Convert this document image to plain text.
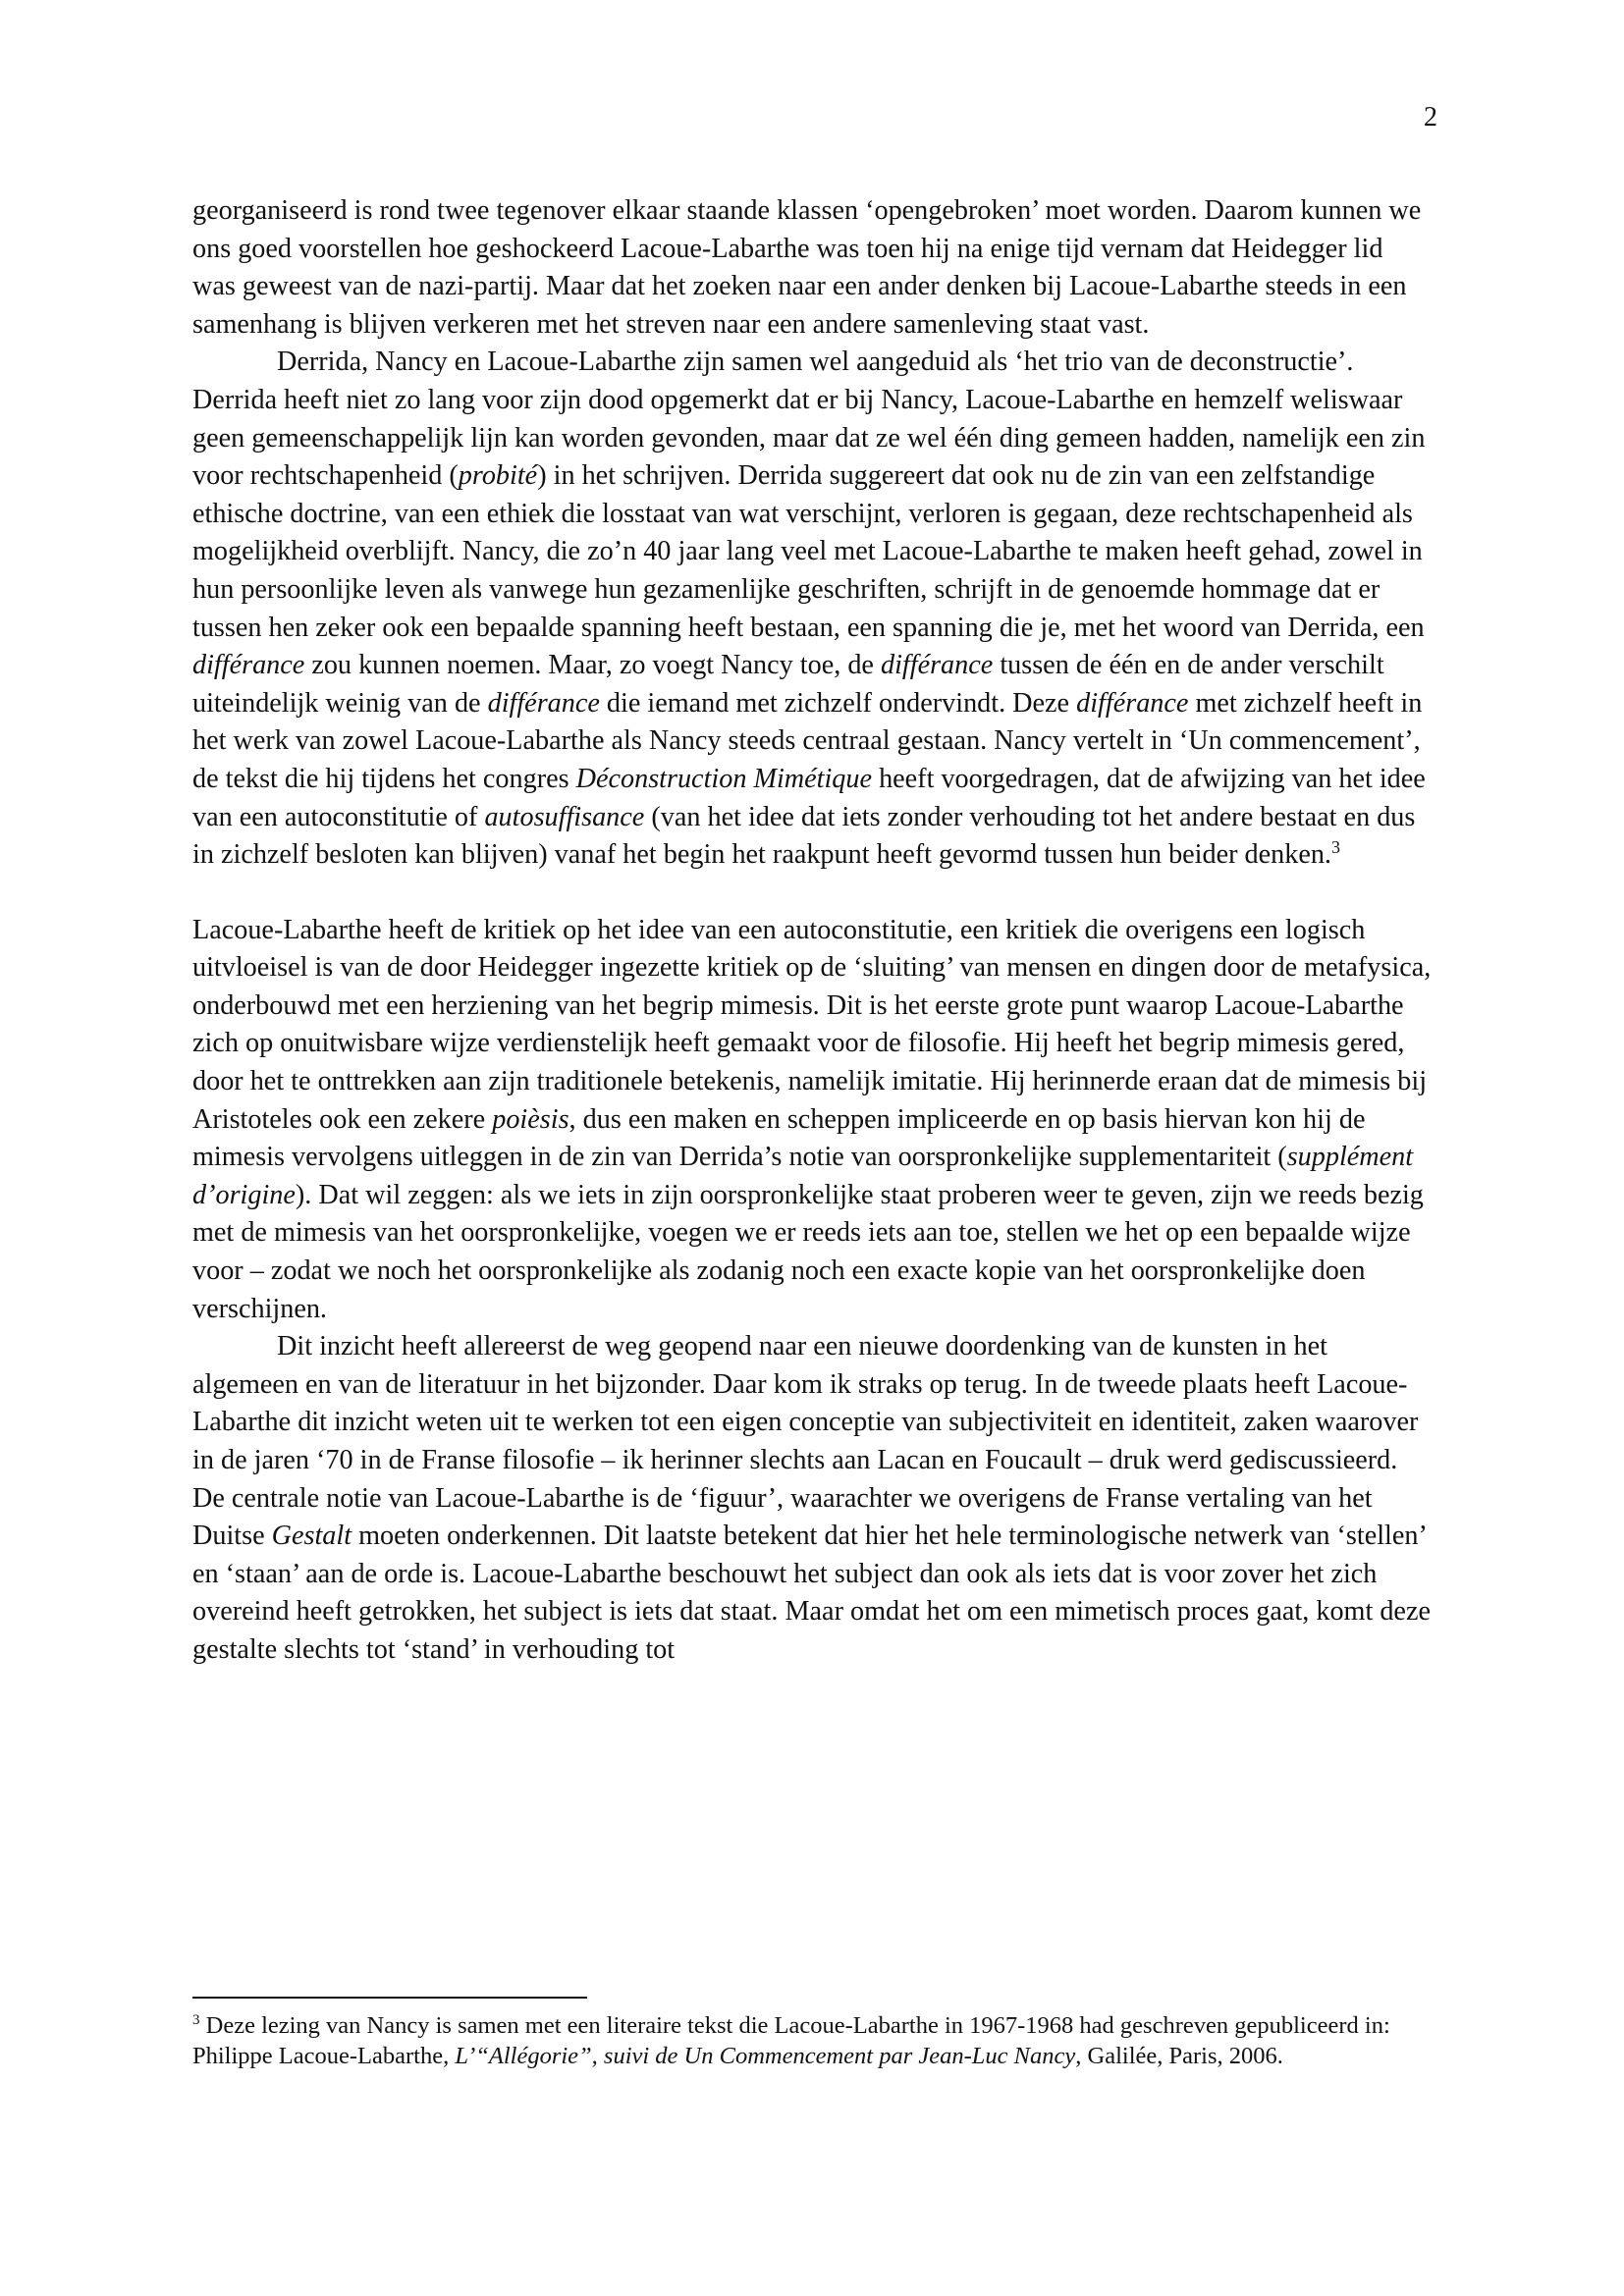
2

georganiseerd is rond twee tegenover elkaar staande klassen ‘opengebroken’ moet worden. Daarom kunnen we ons goed voorstellen hoe geshockeerd Lacoue-Labarthe was toen hij na enige tijd vernam dat Heidegger lid was geweest van de nazi-partij. Maar dat het zoeken naar een ander denken bij Lacoue-Labarthe steeds in een samenhang is blijven verkeren met het streven naar een andere samenleving staat vast.

Derrida, Nancy en Lacoue-Labarthe zijn samen wel aangeduid als ‘het trio van de deconstructie’. Derrida heeft niet zo lang voor zijn dood opgemerkt dat er bij Nancy, Lacoue-Labarthe en hemzelf weliswaar geen gemeenschappelijk lijn kan worden gevonden, maar dat ze wel één ding gemeen hadden, namelijk een zin voor rechtschapenheid (probité) in het schrijven. Derrida suggereert dat ook nu de zin van een zelfstandige ethische doctrine, van een ethiek die losstaat van wat verschijnt, verloren is gegaan, deze rechtschapenheid als mogelijkheid overblijft. Nancy, die zo’n 40 jaar lang veel met Lacoue-Labarthe te maken heeft gehad, zowel in hun persoonlijke leven als vanwege hun gezamenlijke geschriften, schrijft in de genoemde hommage dat er tussen hen zeker ook een bepaalde spanning heeft bestaan, een spanning die je, met het woord van Derrida, een différance zou kunnen noemen. Maar, zo voegt Nancy toe, de différance tussen de één en de ander verschilt uiteindelijk weinig van de différance die iemand met zichzelf ondervindt. Deze différance met zichzelf heeft in het werk van zowel Lacoue-Labarthe als Nancy steeds centraal gestaan. Nancy vertelt in ‘Un commencement’, de tekst die hij tijdens het congres Déconstruction Mimétique heeft voorgedragen, dat de afwijzing van het idee van een autoconstitutie of autosuffisance (van het idee dat iets zonder verhouding tot het andere bestaat en dus in zichzelf besloten kan blijven) vanaf het begin het raakpunt heeft gevormd tussen hun beider denken.$^3$

Lacoue-Labarthe heeft de kritiek op het idee van een autoconstitutie, een kritiek die overigens een logisch uitvloeisel is van de door Heidegger ingezette kritiek op de ‘sluiting’ van mensen en dingen door de metafysica, onderbouwd met een herziening van het begrip mimesis. Dit is het eerste grote punt waarop Lacoue-Labarthe zich op onuitwisbare wijze verdienstelijk heeft gemaakt voor de filosofie. Hij heeft het begrip mimesis gered, door het te onttrekken aan zijn traditionele betekenis, namelijk imitatie. Hij herinnerde eraan dat de mimesis bij Aristoteles ook een zekere poièsis, dus een maken en scheppen impliceerde en op basis hiervan kon hij de mimesis vervolgens uitleggen in de zin van Derrida’s notie van oorspronkelijke supplementariteit (supplément d’origine). Dat wil zeggen: als we iets in zijn oorspronkelijke staat proberen weer te geven, zijn we reeds bezig met de mimesis van het oorspronkelijke, voegen we er reeds iets aan toe, stellen we het op een bepaalde wijze voor – zodat we noch het oorspronkelijke als zodanig noch een exacte kopie van het oorspronkelijke doen verschijnen.

Dit inzicht heeft allereerst de weg geopend naar een nieuwe doordenking van de kunsten in het algemeen en van de literatuur in het bijzonder. Daar kom ik straks op terug. In de tweede plaats heeft Lacoue-Labarthe dit inzicht weten uit te werken tot een eigen conceptie van subjectiviteit en identiteit, zaken waarover in de jaren ‘70 in de Franse filosofie – ik herinner slechts aan Lacan en Foucault – druk werd gediscussieerd. De centrale notie van Lacoue-Labarthe is de ‘figuur’, waarachter we overigens de Franse vertaling van het Duitse Gestalt moeten onderkennen. Dit laatste betekent dat hier het hele terminologische netwerk van ‘stellen’ en ‘staan’ aan de orde is. Lacoue-Labarthe beschouwt het subject dan ook als iets dat is voor zover het zich overeind heeft getrokken, het subject is iets dat staat. Maar omdat het om een mimetisch proces gaat, komt deze gestalte slechts tot ‘stand’ in verhouding tot

$^3$ Deze lezing van Nancy is samen met een literaire tekst die Lacoue-Labarthe in 1967-1968 had geschreven gepubliceerd in: Philippe Lacoue-Labarthe, L’“Allégorie”, suivi de Un Commencement par Jean-Luc Nancy, Galilée, Paris, 2006.
